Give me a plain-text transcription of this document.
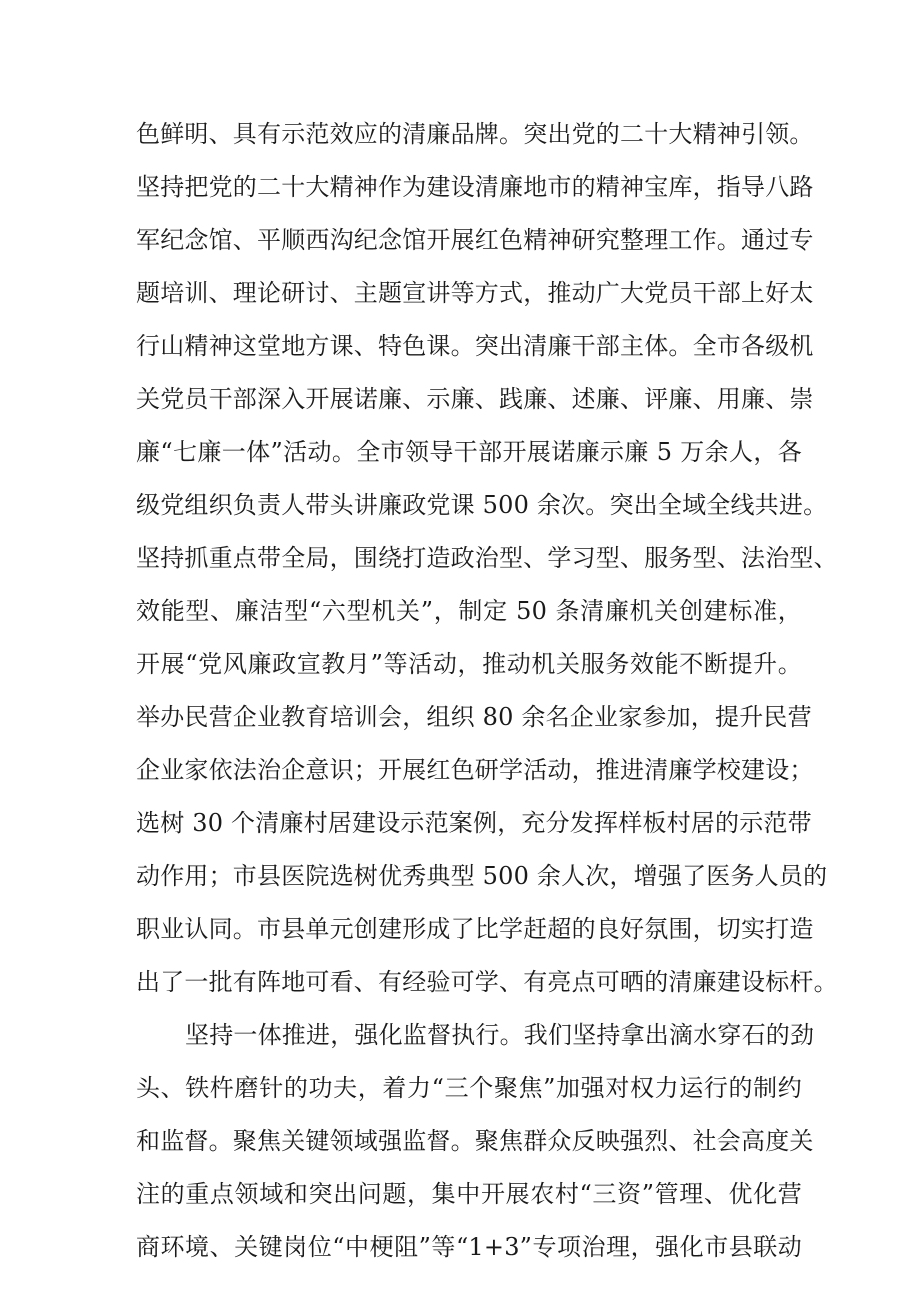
色鲜明、具有示范效应的清廉品牌。突出党的二十大精神引领。
坚持把党的二十大精神作为建设清廉地市的精神宝库，指导八路
军纪念馆、平顺西沟纪念馆开展红色精神研究整理工作。通过专
题培训、理论研讨、主题宣讲等方式，推动广大党员干部上好太
行山精神这堂地方课、特色课。突出清廉干部主体。全市各级机
关党员干部深入开展诺廉、示廉、践廉、述廉、评廉、用廉、崇
廉“七廉一体”活动。全市领导干部开展诺廉示廉 5 万余人，各
级党组织负责人带头讲廉政党课 500 余次。突出全域全线共进。
坚持抓重点带全局，围绕打造政治型、学习型、服务型、法治型、
效能型、廉洁型“六型机关”，制定 50 条清廉机关创建标准，
开展“党风廉政宣教月”等活动，推动机关服务效能不断提升。
举办民营企业教育培训会，组织 80 余名企业家参加，提升民营
企业家依法治企意识；开展红色研学活动，推进清廉学校建设；
选树 30 个清廉村居建设示范案例，充分发挥样板村居的示范带
动作用；市县医院选树优秀典型 500 余人次，增强了医务人员的
职业认同。市县单元创建形成了比学赶超的良好氛围，切实打造
出了一批有阵地可看、有经验可学、有亮点可晒的清廉建设标杆。
坚持一体推进，强化监督执行。我们坚持拿出滴水穿石的劲
头、铁杵磨针的功夫，着力“三个聚焦”加强对权力运行的制约
和监督。聚焦关键领域强监督。聚焦群众反映强烈、社会高度关
注的重点领域和突出问题，集中开展农村“三资”管理、优化营
商环境、关键岗位“中梗阻”等“1+3”专项治理，强化市县联动
